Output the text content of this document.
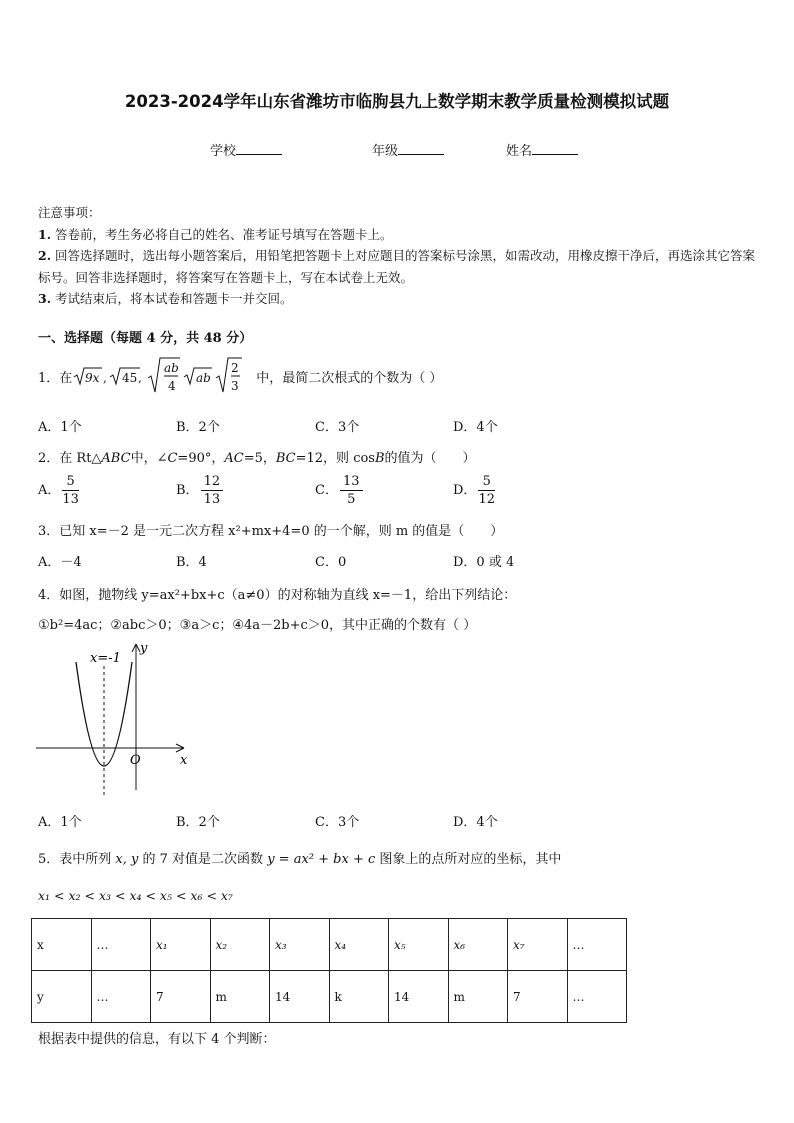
2023-2024学年山东省潍坊市临朐县九上数学期末教学质量检测模拟试题
学校	年级	姓名
注意事项：
1. 答卷前，考生务必将自己的姓名、准考证号填写在答题卡上。
2. 回答选择题时，选出每小题答案后，用铅笔把答题卡上对应题目的答案标号涂黑，如需改动，用橡皮擦干净后，再选涂其它答案标号。回答非选择题时，将答案写在答题卡上，写在本试卷上无效。
3. 考试结束后，将本试卷和答题卡一并交回。
一、选择题（每题 4 分，共 48 分）
1．在 9x , 45 ,
ab
4
ab
2
3
中，最简二次根式的个数为（ ）
A．1个	B．2个	C．3个	D．4个
2．在 Rt△ABC中，∠C=90°，AC=5，BC=12，则 cosB的值为（　　）
A． $\frac{5}{13}$	B． $\frac{12}{13}$	C． $\frac{13}{5}$	D． $\frac{5}{12}$
3．已知 x=－2 是一元二次方程 x²+mx+4=0 的一个解，则 m 的值是（　　）
A．－4	B．4	C．0	D．0 或 4
4．如图，抛物线 y=ax²+bx+c（a≠0）的对称轴为直线 x=－1，给出下列结论：
①b²=4ac；②abc＞0；③a＞c；④4a－2b+c＞0，其中正确的个数有（ ）
x=-1
y
x
O
A．1个	B．2个	C．3个	D．4个
5．表中所列 x, y 的 7 对值是二次函数 y = ax² + bx + c 图象上的点所对应的坐标，其中
x₁ < x₂ < x₃ < x₄ < x₅ < x₆ < x₇
x	…	x₁	x₂	x₃	x₄	x₅	x₆	x₇	…
y	…	7	m	14	k	14	m	7	…
根据表中提供的信息，有以下 4 个判断：
